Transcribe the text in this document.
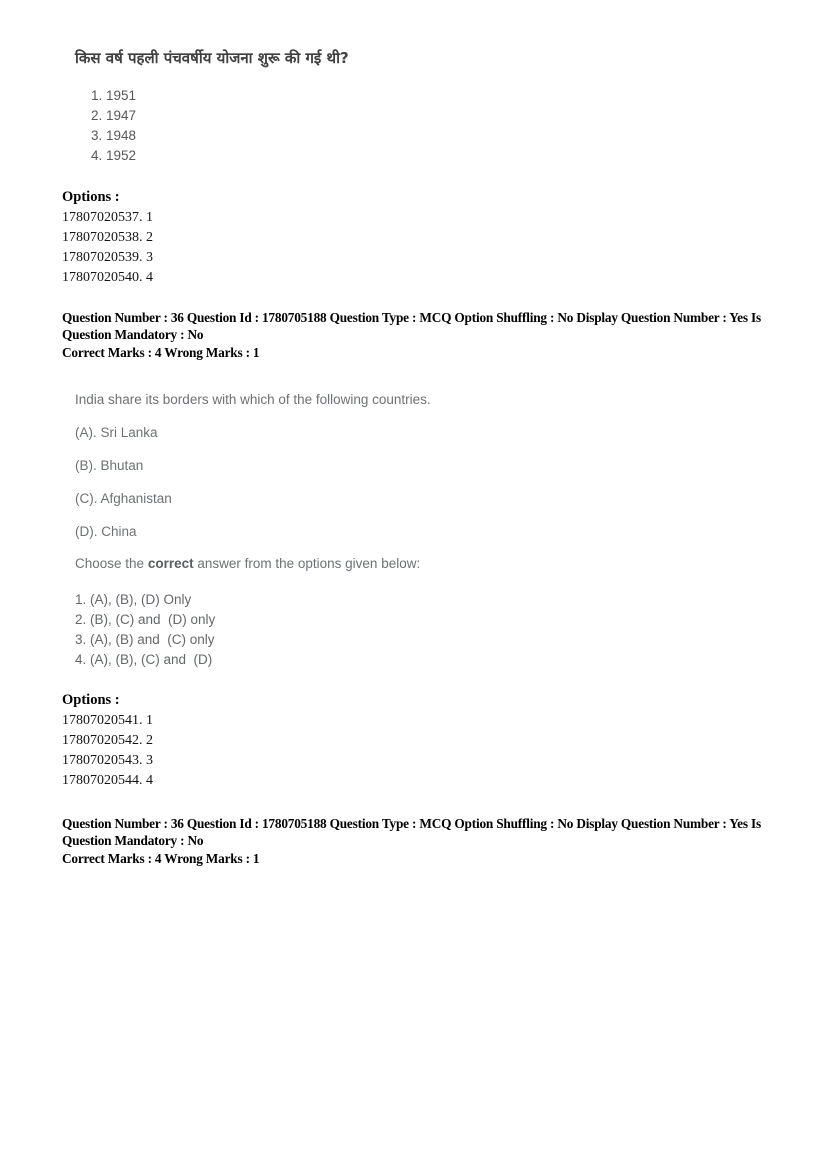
किस वर्ष पहली पंचवर्षीय योजना शुरू की गई थी?
1. 1951
2. 1947
3. 1948
4. 1952
Options :
17807020537. 1
17807020538. 2
17807020539. 3
17807020540. 4
Question Number : 36 Question Id : 1780705188 Question Type : MCQ Option Shuffling : No Display Question Number : Yes Is Question Mandatory : No
Correct Marks : 4 Wrong Marks : 1
India share its borders with which of the following countries.
(A). Sri Lanka
(B). Bhutan
(C). Afghanistan
(D). China
Choose the correct answer from the options given below:
1. (A), (B), (D) Only
2. (B), (C) and  (D) only
3. (A), (B) and  (C) only
4. (A), (B), (C) and  (D)
Options :
17807020541. 1
17807020542. 2
17807020543. 3
17807020544. 4
Question Number : 36 Question Id : 1780705188 Question Type : MCQ Option Shuffling : No Display Question Number : Yes Is Question Mandatory : No
Correct Marks : 4 Wrong Marks : 1
